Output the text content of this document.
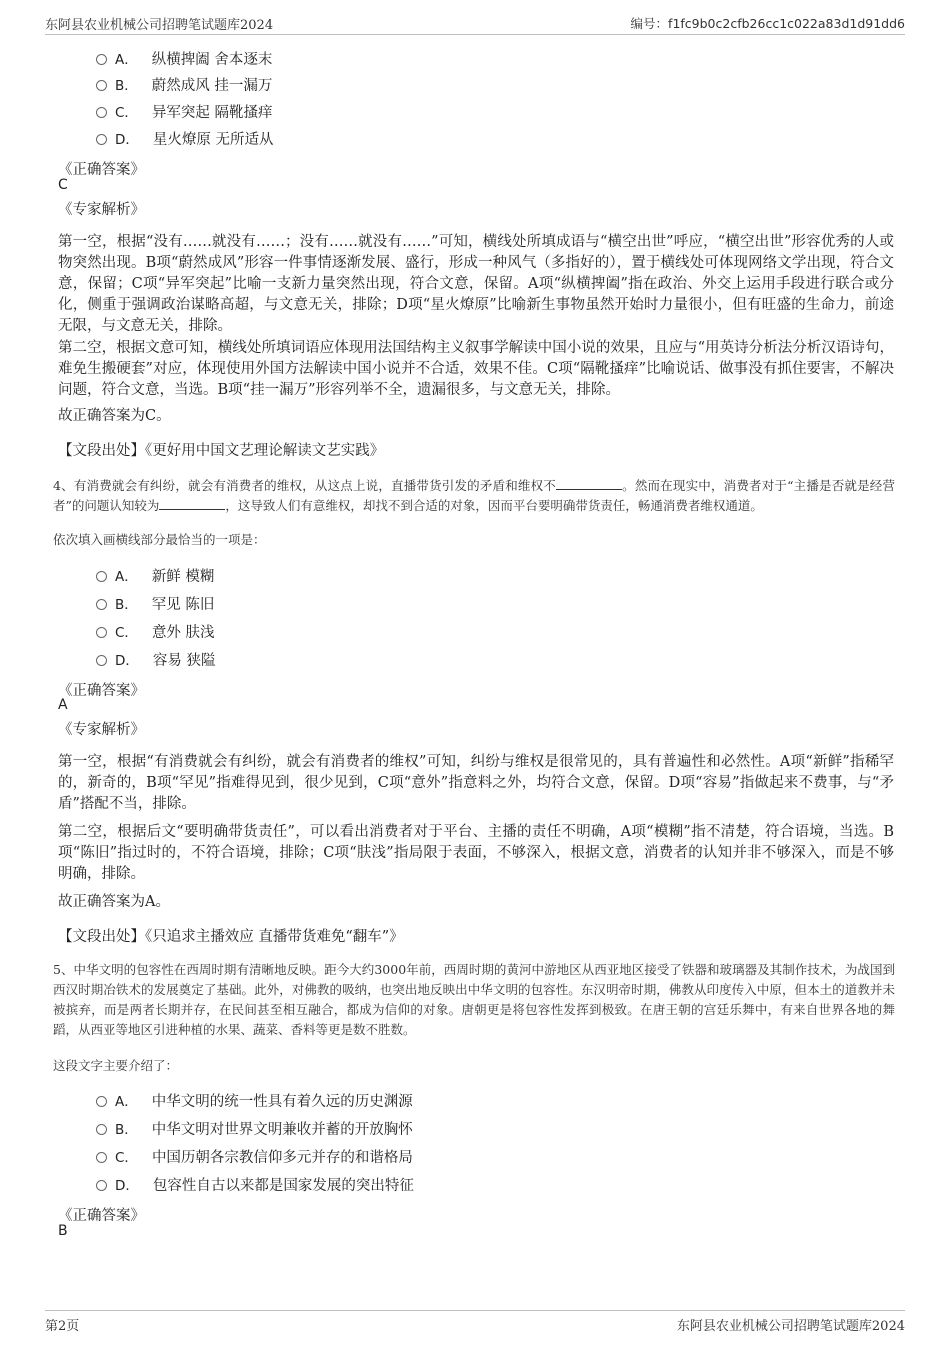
东阿县农业机械公司招聘笔试题库2024	编号：f1fc9b0c2cfb26cc1c022a83d1d91dd6
A． 纵横捭阖 舍本逐末
B． 蔚然成风 挂一漏万
C． 异军突起 隔靴搔痒
D． 星火燎原 无所适从
《正确答案》
C
《专家解析》
第一空，根据“没有……就没有……；没有……就没有……”可知，横线处所填成语与“横空出世”呼应，“横空出世”形容优秀的人或物突然出现。B项“蔚然成风”形容一件事情逐渐发展、盛行，形成一种风气（多指好的），置于横线处可体现网络文学出现，符合文意，保留；C项“异军突起”比喻一支新力量突然出现，符合文意，保留。A项“纵横捭阖”指在政治、外交上运用手段进行联合或分化，侧重于强调政治谋略高超，与文意无关，排除；D项“星火燎原”比喻新生事物虽然开始时力量很小，但有旺盛的生命力，前途无限，与文意无关，排除。
第二空，根据文意可知，横线处所填词语应体现用法国结构主义叙事学解读中国小说的效果，且应与“用英诗分析法分析汉语诗句，难免生搬硬套”对应，体现使用外国方法解读中国小说并不合适，效果不佳。C项“隔靴搔痒”比喻说话、做事没有抓住要害，不解决问题，符合文意，当选。B项“挂一漏万”形容列举不全，遗漏很多，与文意无关，排除。
故正确答案为C。
【文段出处】《更好用中国文艺理论解读文艺实践》
4、有消费就会有纠纷，就会有消费者的维权，从这点上说，直播带货引发的矛盾和维权不	。然而在现实中，消费者对于“主播是否就是经营者”的问题认知较为	，这导致人们有意维权，却找不到合适的对象，因而平台要明确带货责任，畅通消费者维权通道。
依次填入画横线部分最恰当的一项是：
A． 新鲜 模糊
B． 罕见 陈旧
C． 意外 肤浅
D． 容易 狭隘
《正确答案》
A
《专家解析》
第一空，根据“有消费就会有纠纷，就会有消费者的维权”可知，纠纷与维权是很常见的，具有普遍性和必然性。A项“新鲜”指稀罕的，新奇的，B项“罕见”指难得见到，很少见到，C项“意外”指意料之外，均符合文意，保留。D项“容易”指做起来不费事，与“矛盾”搭配不当，排除。
第二空，根据后文“要明确带货责任”，可以看出消费者对于平台、主播的责任不明确，A项“模糊”指不清楚，符合语境，当选。B项“陈旧”指过时的，不符合语境，排除；C项“肤浅”指局限于表面，不够深入，根据文意，消费者的认知并非不够深入，而是不够明确，排除。
故正确答案为A。
【文段出处】《只追求主播效应 直播带货难免“翻车”》
5、中华文明的包容性在西周时期有清晰地反映。距今大约3000年前，西周时期的黄河中游地区从西亚地区接受了铁器和玻璃器及其制作技术，为战国到西汉时期冶铁术的发展奠定了基础。此外，对佛教的吸纳，也突出地反映出中华文明的包容性。东汉明帝时期，佛教从印度传入中原，但本土的道教并未被摈弃，而是两者长期并存，在民间甚至相互融合，都成为信仰的对象。唐朝更是将包容性发挥到极致。在唐王朝的宫廷乐舞中，有来自世界各地的舞蹈，从西亚等地区引进种植的水果、蔬菜、香料等更是数不胜数。
这段文字主要介绍了：
A． 中华文明的统一性具有着久远的历史渊源
B． 中华文明对世界文明兼收并蓄的开放胸怀
C． 中国历朝各宗教信仰多元并存的和谐格局
D． 包容性自古以来都是国家发展的突出特征
《正确答案》
B
第2页	东阿县农业机械公司招聘笔试题库2024
